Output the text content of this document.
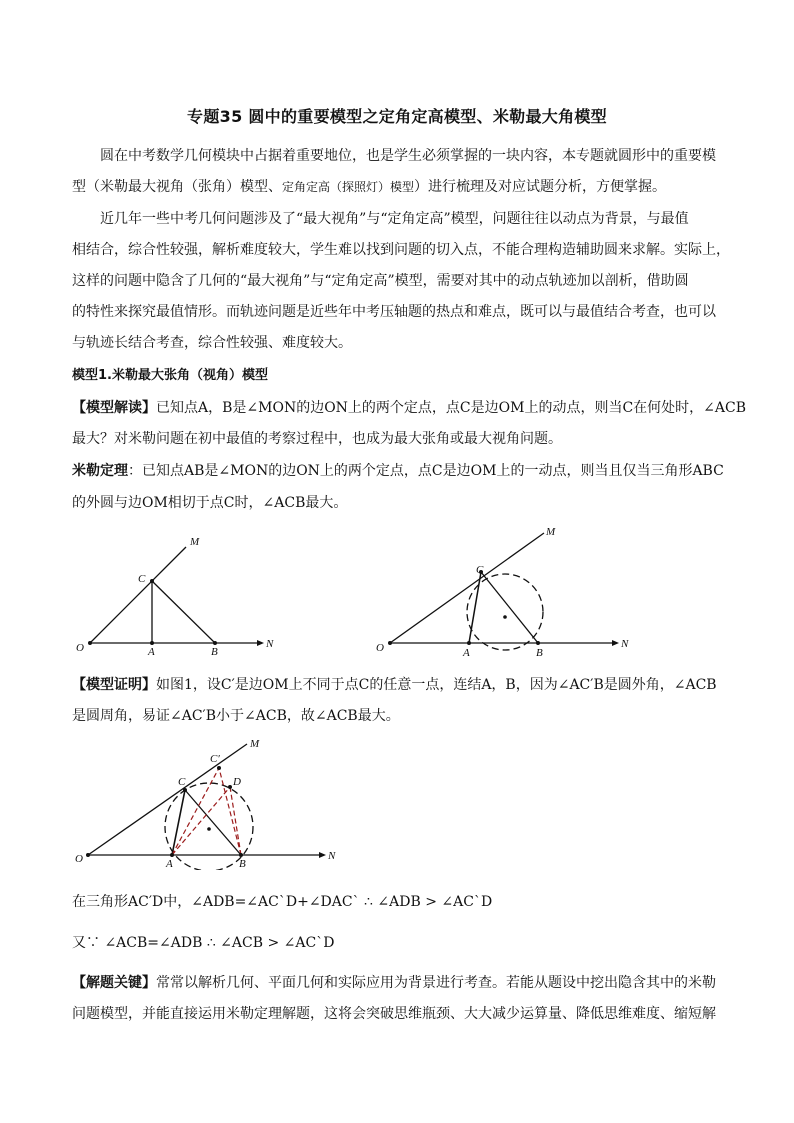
专题35 圆中的重要模型之定角定高模型、米勒最大角模型
圆在中考数学几何模块中占据着重要地位，也是学生必须掌握的一块内容，本专题就圆形中的重要模
型（米勒最大视角（张角）模型、定角定高（探照灯）模型）进行梳理及对应试题分析，方便掌握。
近几年一些中考几何问题涉及了“最大视角”与“定角定高”模型，问题往往以动点为背景，与最值
相结合，综合性较强，解析难度较大，学生难以找到问题的切入点，不能合理构造辅助圆来求解。实际上，
这样的问题中隐含了几何的“最大视角”与“定角定高”模型，需要对其中的动点轨迹加以剖析，借助圆
的特性来探究最值情形。而轨迹问题是近些年中考压轴题的热点和难点，既可以与最值结合考查，也可以
与轨迹长结合考查，综合性较强、难度较大。
模型1.米勒最大张角（视角）模型
【模型解读】已知点A，B是∠MON的边ON上的两个定点，点C是边OM上的动点，则当C在何处时，∠ACB
最大？对米勒问题在初中最值的考察过程中，也成为最大张角或最大视角问题。
米勒定理：已知点AB是∠MON的边ON上的两个定点，点C是边OM上的一动点，则当且仅当三角形ABC
的外圆与边OM相切于点C时，∠ACB最大。
O	A	B
C
M
N	O	A	B
C
M
N
【模型证明】如图1，设C′是边OM上不同于点C的任意一点，连结A，B，因为∠AC′B是圆外角，∠ACB
是圆周角，易证∠AC′B小于∠ACB，故∠ACB最大。
O	A	B
C
C′
D
M
N
在三角形AC′D中，∠ADB=∠AC`D+∠DAC` ∴ ∠ADB > ∠AC`D
又∵ ∠ACB=∠ADB ∴ ∠ACB > ∠AC`D
【解题关键】常常以解析几何、平面几何和实际应用为背景进行考查。若能从题设中挖出隐含其中的米勒
问题模型，并能直接运用米勒定理解题，这将会突破思维瓶颈、大大减少运算量、降低思维难度、缩短解
